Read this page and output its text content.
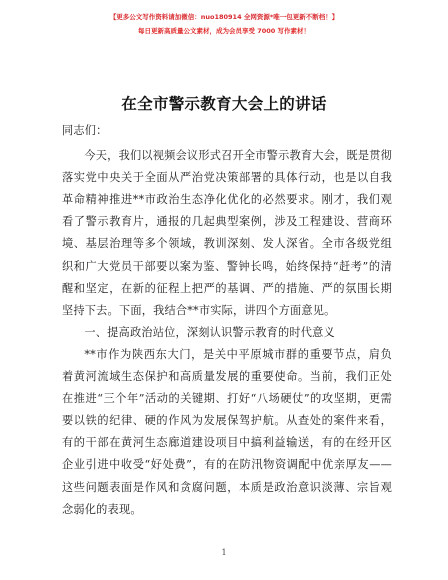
【更多公文写作资料请加微信：nuo180914 全网资源*唯一包更新不断档！】
每日更新高质量公文素材，成为会员享受 7000 写作素材！
在全市警示教育大会上的讲话

同志们：

今天，我们以视频会议形式召开全市警示教育大会，既是贯彻落实党中央关于全面从严治党决策部署的具体行动，也是以自我革命精神推进**市政治生态净化优化的必然要求。刚才，我们观看了警示教育片，通报的几起典型案例，涉及工程建设、营商环境、基层治理等多个领域，教训深刻、发人深省。全市各级党组织和广大党员干部要以案为鉴、警钟长鸣，始终保持“赶考”的清醒和坚定，在新的征程上把严的基调、严的措施、严的氛围长期坚持下去。下面，我结合**市实际，讲四个方面意见。

一、提高政治站位，深刻认识警示教育的时代意义

**市作为陕西东大门，是关中平原城市群的重要节点，肩负着黄河流域生态保护和高质量发展的重要使命。当前，我们正处在推进“三个年”活动的关键期、打好“八场硬仗”的攻坚期，更需要以铁的纪律、硬的作风为发展保驾护航。从查处的案件来看，有的干部在黄河生态廊道建设项目中搞利益输送，有的在经开区企业引进中收受“好处费”，有的在防汛物资调配中优亲厚友——这些问题表面是作风和贪腐问题，本质是政治意识淡薄、宗旨观念弱化的表现。

1
